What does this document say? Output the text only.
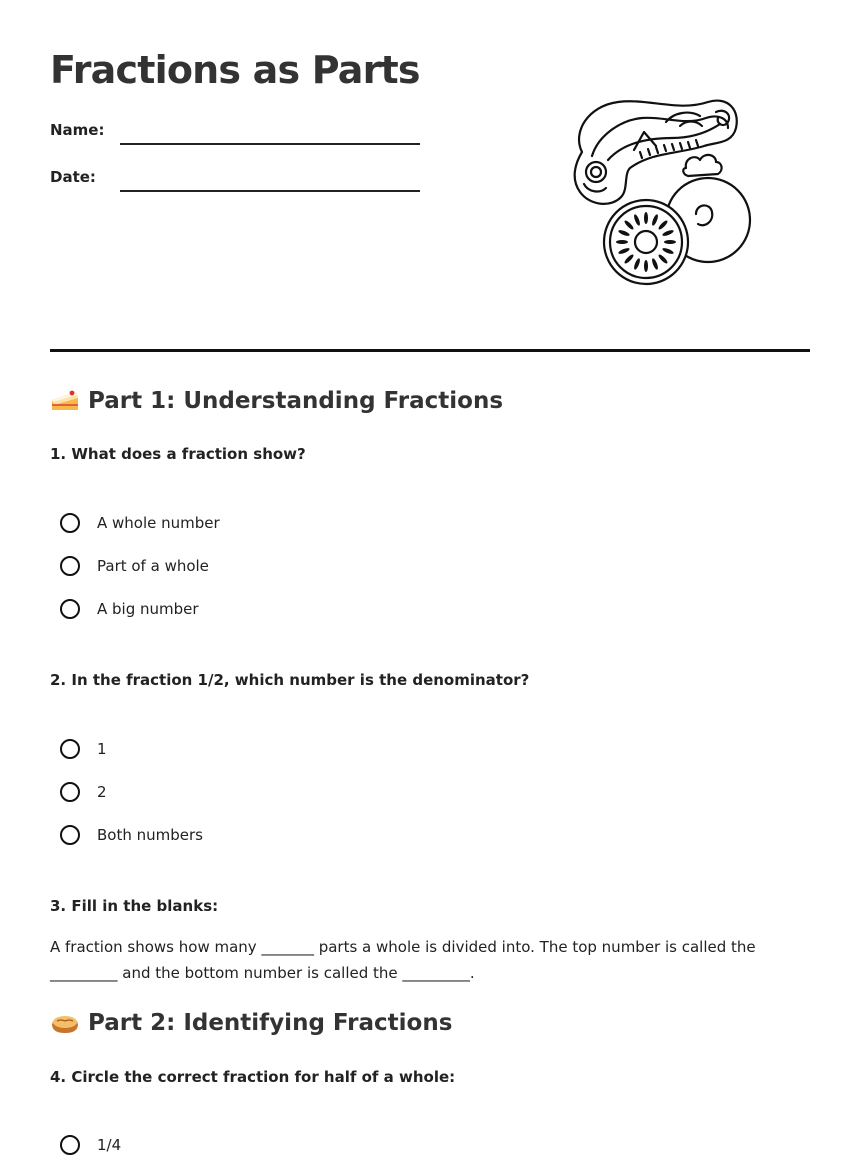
Fractions as Parts
Name:
Date:
Part 1: Understanding Fractions
1. What does a fraction show?
A whole number
Part of a whole
A big number
2. In the fraction 1/2, which number is the denominator?
1
2
Both numbers
3. Fill in the blanks:

A fraction shows how many _______ parts a whole is divided into. The top number is called the _________ and the bottom number is called the _________.

Part 2: Identifying Fractions
4. Circle the correct fraction for half of a whole:
1/4
